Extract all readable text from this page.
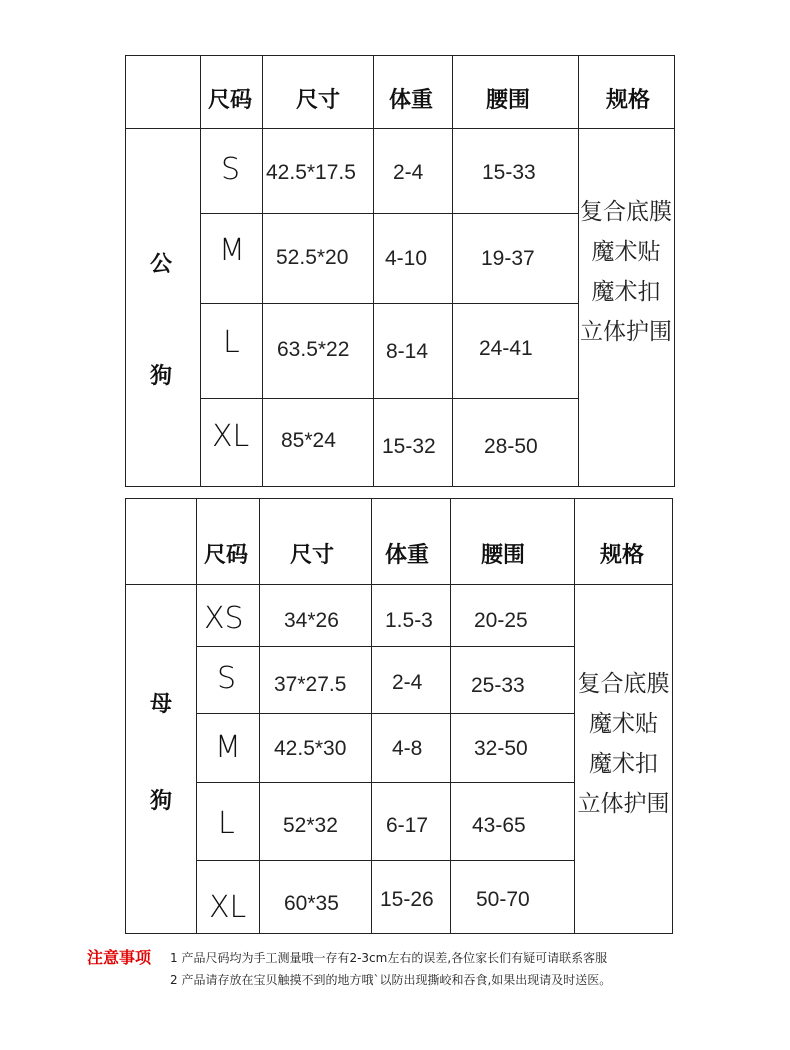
尺码 尺寸 体重 腰围	规格
公
狗
S 42.5*17.5 2-4	15-33
M 52.5*20 4-10	19-37
L 63.5*22 8-14 24-41
XL 85*24 15-32 28-50
复合底膜
魔术贴
魔术扣
立体护围
尺码 尺寸 体重 腰围	规格
母
狗
XS 34*26 1.5-3 20-25
S 37*27.5 2-4 25-33
M 42.5*30 4-8 32-50
L 52*32 6-17 43-65
XL 60*35 15-26 50-70
复合底膜
魔术贴
魔术扣
立体护围
注意事项 1 产品尺码均为手工测量哦一存有2-3cm左右的误差,各位家长们有疑可请联系客服
2 产品请存放在宝贝触摸不到的地方哦`以防出现撕峧和吞食,如果出现请及时送医。
